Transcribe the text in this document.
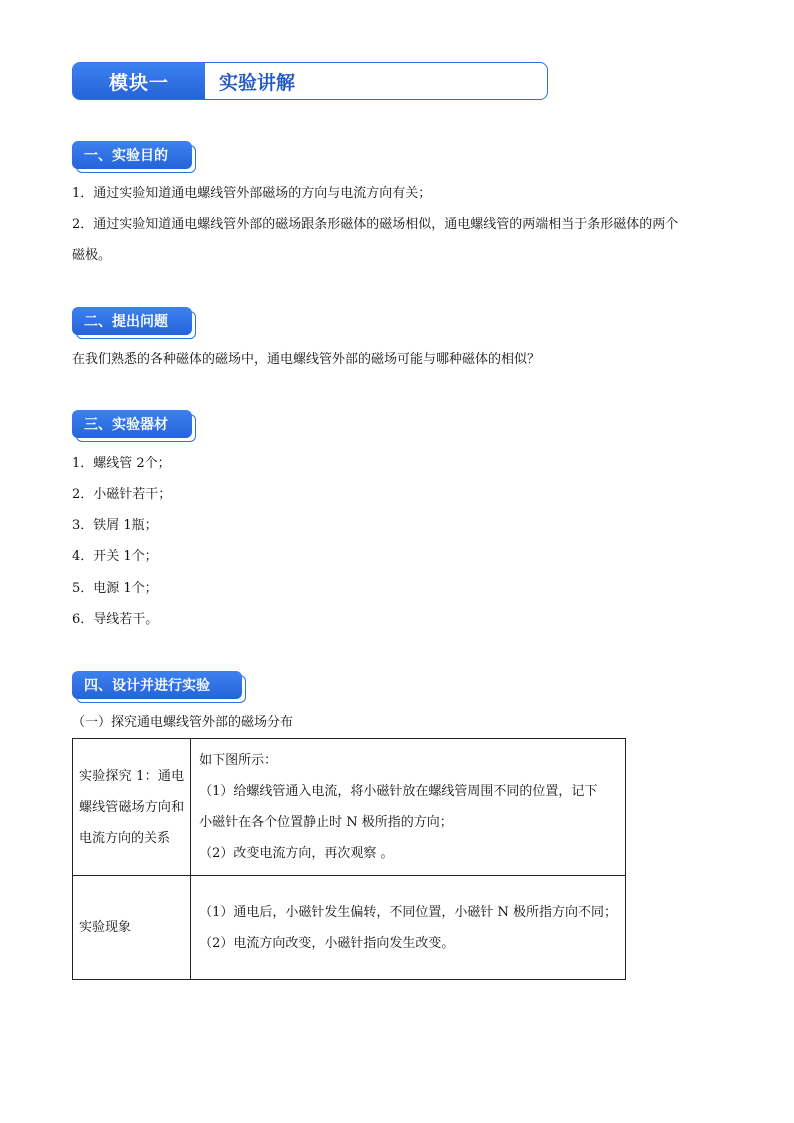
模块一	实验讲解
一、实验目的
1．通过实验知道通电螺线管外部磁场的方向与电流方向有关；
2．通过实验知道通电螺线管外部的磁场跟条形磁体的磁场相似，通电螺线管的两端相当于条形磁体的两个
磁极。
二、提出问题
在我们熟悉的各种磁体的磁场中，通电螺线管外部的磁场可能与哪种磁体的相似？
三、实验器材
1．螺线管 2个；
2．小磁针若干；
3．铁屑 1瓶；
4．开关 1个；
5．电源 1个；
6．导线若干。
四、设计并进行实验
（一）探究通电螺线管外部的磁场分布
实验探究 1：通电螺线管磁场方向和电流方向的关系	如下图所示：
（1）给螺线管通入电流，将小磁针放在螺线管周围不同的位置，记下
小磁针在各个位置静止时 N 极所指的方向；
（2）改变电流方向，再次观察 。

实验现象	（1）通电后，小磁针发生偏转，不同位置，小磁针 N 极所指方向不同；
（2）电流方向改变，小磁针指向发生改变。
